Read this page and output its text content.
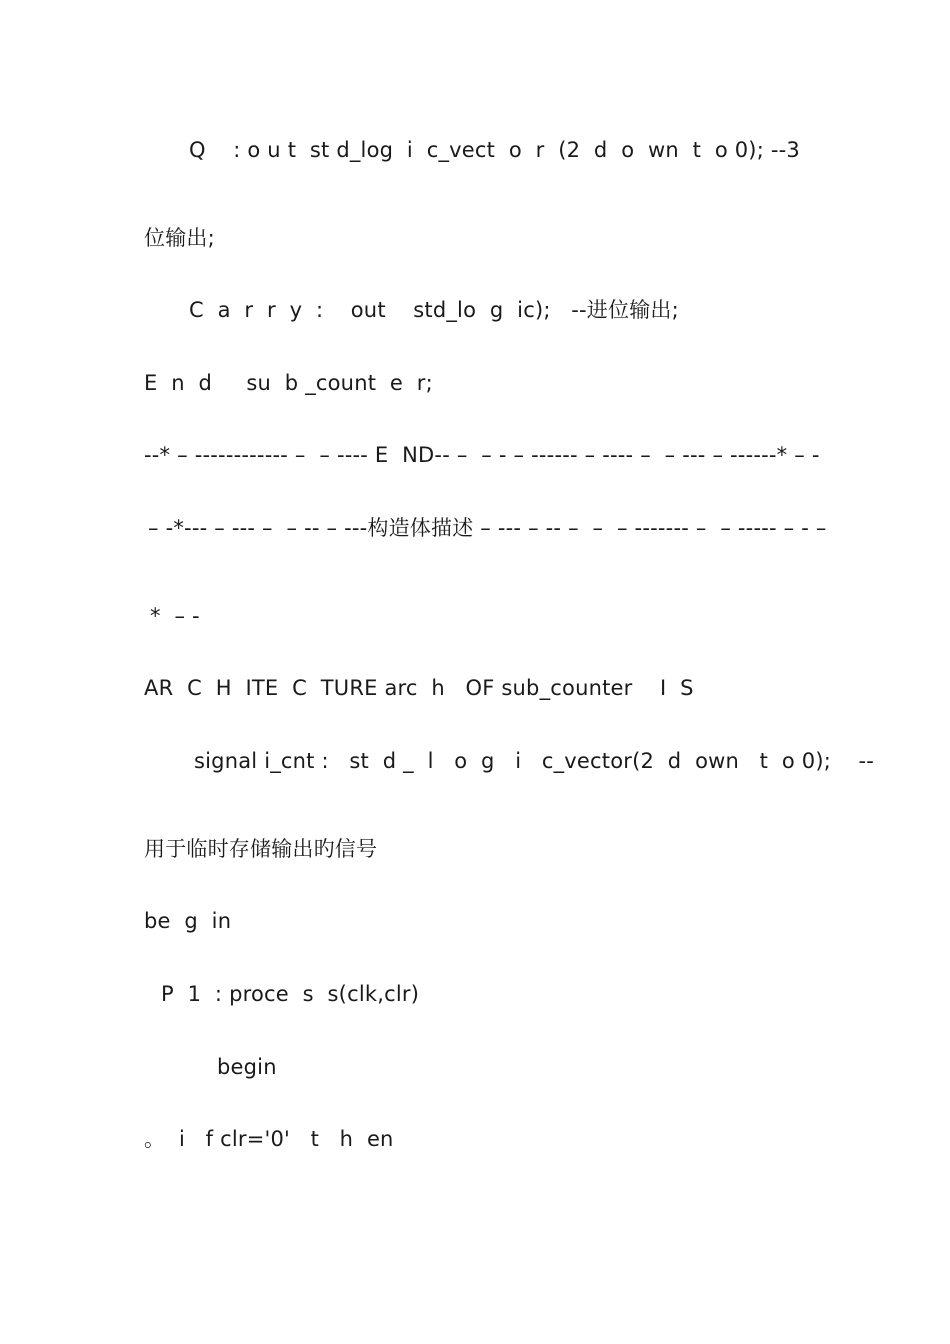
Q    : o u t  st d_log  i  c_vect  o  r  (2  d  o  wn  t  o 0); --3
位输出;
C  a  r  r  y  :    out    std_lo  g  ic);   --进位输出;
E  n  d     su  b _count  e  r;
--* – ------------ –  – ---- E  ND-- –  – - – ------ – ---- –  – --- – ------* – -
– -*--- – --- –  – -- – ---构造体描述 – --- – -- –  –  – ------- –  – ----- – - –
*  – -
AR  C  H  ITE  C  TURE arc  h   OF sub_counter    I  S
signal i_cnt :   st  d _  l   o  g   i   c_vector(2  d  own   t  o 0);    --
用于临时存储输出旳信号
be  g  in
P  1  : proce  s  s(clk,clr)
begin
。  i   f clr='0'   t   h  en
